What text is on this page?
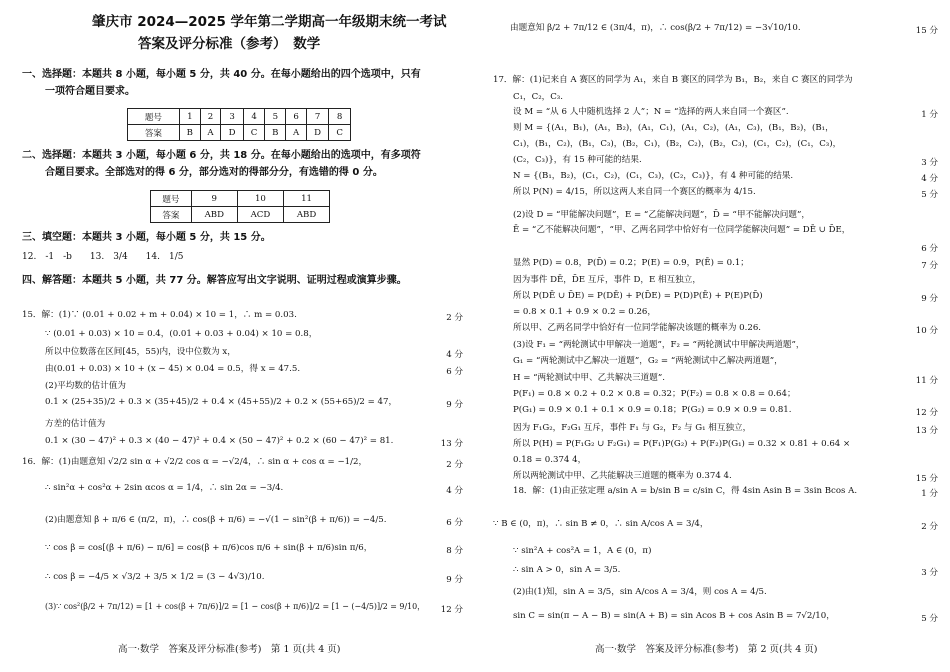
肇庆市 2024—2025 学年第二学期高一年级期末统一考试
答案及评分标准（参考）　数学
一、选择题：本题共 8 小题，每小题 5 分，共 40 分。在每小题给出的四个选项中，只有
一项符合题目要求。
题号	1	2	3	4	5	6	7	8
答案	B	A	D	C	B	A	D	C
二、选择题：本题共 3 小题，每小题 6 分，共 18 分。在每小题给出的选项中，有多项符
合题目要求。全部选对的得 6 分，部分选对的得部分分，有选错的得 0 分。
题号	9	10	11
答案	ABD	ACD	ABD
三、填空题：本题共 3 小题，每小题 5 分，共 15 分。
12.　-1　-b　　13.　3/4　　14.　1/5
四、解答题：本题共 5 小题，共 77 分。解答应写出文字说明、证明过程或演算步骤。
15．解：(1)∵ (0.01 + 0.02 + m + 0.04) × 10 = 1，∴ m = 0.03.	2 分
∵ (0.01 + 0.03) × 10 = 0.4，(0.01 + 0.03 + 0.04) × 10 = 0.8，
所以中位数落在区间[45，55)内，设中位数为 x，	4 分
由(0.01 + 0.03) × 10 + (x − 45) × 0.04 = 0.5，得 x = 47.5.	6 分
(2)平均数的估计值为
0.1 × (25+35)/2 + 0.3 × (35+45)/2 + 0.4 × (45+55)/2 + 0.2 × (55+65)/2 = 47，	9 分
方差的估计值为
0.1 × (30 − 47)² + 0.3 × (40 − 47)² + 0.4 × (50 − 47)² + 0.2 × (60 − 47)² = 81.	13 分
16．解：(1)由题意知 √2/2 sin α + √2/2 cos α = −√2/4，∴ sin α + cos α = −1/2，	2 分
∴ sin²α + cos²α + 2sin αcos α = 1/4，∴ sin 2α = −3/4.	4 分
(2)由题意知 β + π/6 ∈ (π/2，π)，∴ cos(β + π/6) = −√(1 − sin²(β + π/6)) = −4/5.	6 分
∵ cos β = cos[(β + π/6) − π/6] = cos(β + π/6)cos π/6 + sin(β + π/6)sin π/6，	8 分
∴ cos β = −4/5 × √3/2 + 3/5 × 1/2 = (3 − 4√3)/10.	9 分
(3)∵ cos²(β/2 + 7π/12) = [1 + cos(β + 7π/6)]/2 = [1 − cos(β + π/6)]/2 = [1 − (−4/5)]/2 = 9/10， 12 分
高一·数学　答案及评分标准(参考)　第 1 页(共 4 页)
由题意知 β/2 + 7π/12 ∈ (3π/4，π)，∴ cos(β/2 + 7π/12) = −3√10/10.	15 分
17．解：(1)记来自 A 赛区的同学为 A₁，来自 B 赛区的同学为 B₁，B₂，来自 C 赛区的同学为
C₁，C₂，C₃.
设 M = “从 6 人中随机选择 2 人”；N = “选择的两人来自同一个赛区”.	1 分
则 M = {(A₁，B₁)，(A₁，B₂)，(A₁，C₁)，(A₁，C₂)，(A₁，C₃)，(B₁，B₂)，(B₁，
C₁)，(B₁，C₂)，(B₁，C₃)，(B₂，C₁)，(B₂，C₂)，(B₂，C₃)，(C₁，C₂)，(C₁，C₃)，
(C₂，C₃)}，有 15 种可能的结果.	3 分
N = {(B₁，B₂)，(C₁，C₂)，(C₁，C₃)，(C₂，C₃)}，有 4 种可能的结果.	4 分
所以 P(N) = 4/15，所以这两人来自同一个赛区的概率为 4/15.	5 分
(2)设 D = “甲能解决问题”，E = “乙能解决问题”，D̄ = “甲不能解决问题”，
Ē = “乙不能解决问题”，“甲、乙两名同学中恰好有一位同学能解决问题” = DĒ ∪ D̄E，
6 分
显然 P(D) = 0.8，P(D̄) = 0.2；P(E) = 0.9，P(Ē) = 0.1；	7 分
因为事件 DĒ，D̄E 互斥，事件 D，E 相互独立，
所以 P(DĒ ∪ D̄E) = P(DĒ) + P(D̄E) = P(D)P(Ē) + P(E)P(D̄)	9 分
= 0.8 × 0.1 + 0.9 × 0.2 = 0.26，
所以甲、乙两名同学中恰好有一位同学能解决该题的概率为 0.26.	10 分
(3)设 F₁ = “两轮测试中甲解决一道题”，F₂ = “两轮测试中甲解决两道题”，
G₁ = “两轮测试中乙解决一道题”，G₂ = “两轮测试中乙解决两道题”，
H = “两轮测试中甲、乙共解决三道题”.	11 分
P(F₁) = 0.8 × 0.2 + 0.2 × 0.8 = 0.32；P(F₂) = 0.8 × 0.8 = 0.64；
P(G₁) = 0.9 × 0.1 + 0.1 × 0.9 = 0.18；P(G₂) = 0.9 × 0.9 = 0.81.	12 分
因为 F₁G₂，F₂G₁ 互斥，事件 F₁ 与 G₂，F₂ 与 G₁ 相互独立，	13 分
所以 P(H) = P(F₁G₂ ∪ F₂G₁) = P(F₁)P(G₂) + P(F₂)P(G₁) = 0.32 × 0.81 + 0.64 ×
0.18 = 0.374 4，
所以两轮测试中甲、乙共能解决三道题的概率为 0.374 4.	15 分
18．解：(1)由正弦定理 a/sin A = b/sin B = c/sin C，得 4sin Asin B = 3sin Bcos A.	1 分
∵ B ∈ (0，π)，∴ sin B ≠ 0，∴ sin A/cos A = 3/4，	2 分
∵ sin²A + cos²A = 1，A ∈ (0，π)
∴ sin A > 0，sin A = 3/5.	3 分
(2)由(1)知，sin A = 3/5，sin A/cos A = 3/4，则 cos A = 4/5.
sin C = sin(π − A − B) = sin(A + B) = sin Acos B + cos Asin B = 7√2/10，	5 分
高一·数学　答案及评分标准(参考)　第 2 页(共 4 页)
